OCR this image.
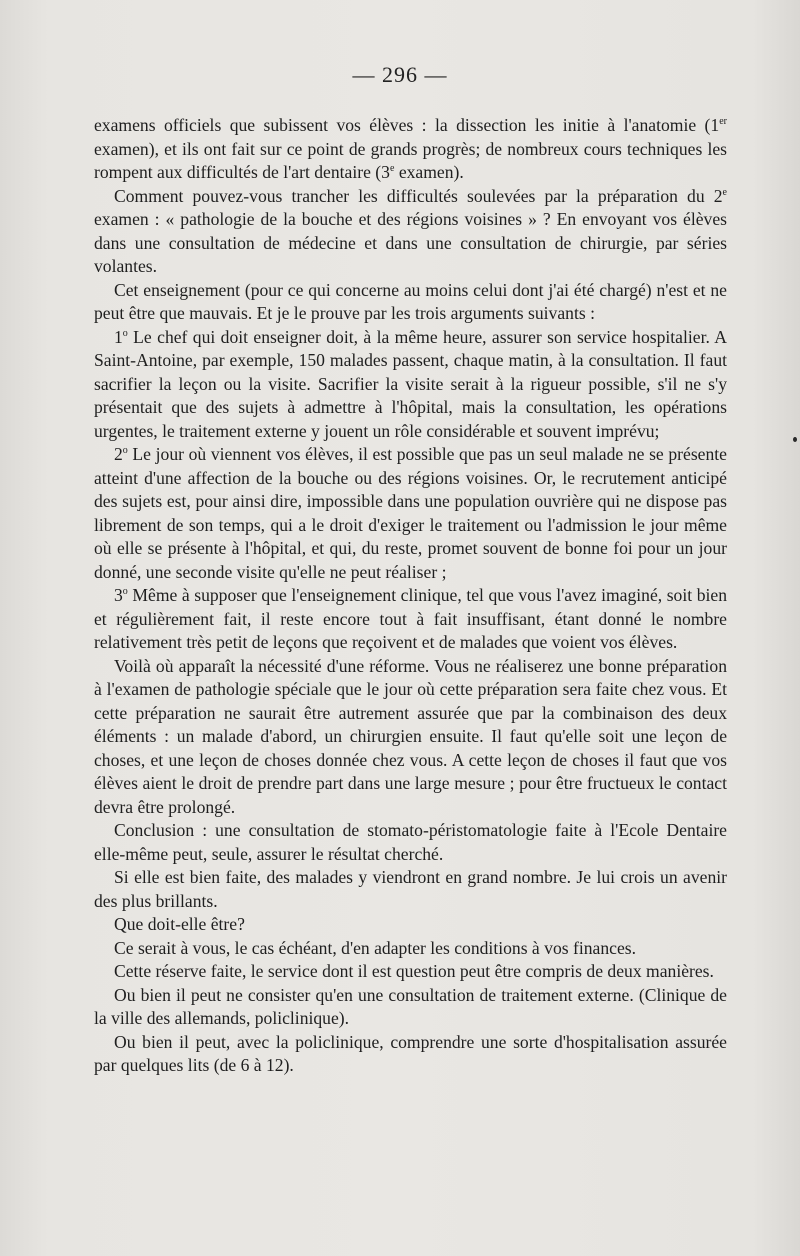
— 296 —

examens officiels que subissent vos élèves : la dissection les initie à l'anatomie (1er examen), et ils ont fait sur ce point de grands progrès; de nombreux cours techniques les rompent aux difficultés de l'art dentaire (3e examen).

Comment pouvez-vous trancher les difficultés soulevées par la préparation du 2e examen : « pathologie de la bouche et des régions voisines » ? En envoyant vos élèves dans une consultation de médecine et dans une consultation de chirurgie, par séries volantes.

Cet enseignement (pour ce qui concerne au moins celui dont j'ai été chargé) n'est et ne peut être que mauvais. Et je le prouve par les trois arguments suivants :

1$^o$ Le chef qui doit enseigner doit, à la même heure, assurer son service hospitalier. A Saint-Antoine, par exemple, 150 malades passent, chaque matin, à la consultation. Il faut sacrifier la leçon ou la visite. Sacrifier la visite serait à la rigueur possible, s'il ne s'y présentait que des sujets à admettre à l'hôpital, mais la consultation, les opérations urgentes, le traitement externe y jouent un rôle considérable et souvent imprévu;

2$^o$ Le jour où viennent vos élèves, il est possible que pas un seul malade ne se présente atteint d'une affection de la bouche ou des régions voisines. Or, le recrutement anticipé des sujets est, pour ainsi dire, impossible dans une population ouvrière qui ne dispose pas librement de son temps, qui a le droit d'exiger le traitement ou l'admission le jour même où elle se présente à l'hôpital, et qui, du reste, promet souvent de bonne foi pour un jour donné, une seconde visite qu'elle ne peut réaliser ;

3$^o$ Même à supposer que l'enseignement clinique, tel que vous l'avez imaginé, soit bien et régulièrement fait, il reste encore tout à fait insuffisant, étant donné le nombre relativement très petit de leçons que reçoivent et de malades que voient vos élèves.

Voilà où apparaît la nécessité d'une réforme. Vous ne réaliserez une bonne préparation à l'examen de pathologie spéciale que le jour où cette préparation sera faite chez vous. Et cette préparation ne saurait être autrement assurée que par la combinaison des deux éléments : un malade d'abord, un chirurgien ensuite. Il faut qu'elle soit une leçon de choses, et une leçon de choses donnée chez vous. A cette leçon de choses il faut que vos élèves aient le droit de prendre part dans une large mesure ; pour être fructueux le contact devra être prolongé.

Conclusion : une consultation de stomato-péristomatologie faite à l'Ecole Dentaire elle-même peut, seule, assurer le résultat cherché.

Si elle est bien faite, des malades y viendront en grand nombre. Je lui crois un avenir des plus brillants.

Que doit-elle être?

Ce serait à vous, le cas échéant, d'en adapter les conditions à vos finances.

Cette réserve faite, le service dont il est question peut être compris de deux manières.

Ou bien il peut ne consister qu'en une consultation de traitement externe. (Clinique de la ville des allemands, policlinique).

Ou bien il peut, avec la policlinique, comprendre une sorte d'hospitalisation assurée par quelques lits (de 6 à 12).
